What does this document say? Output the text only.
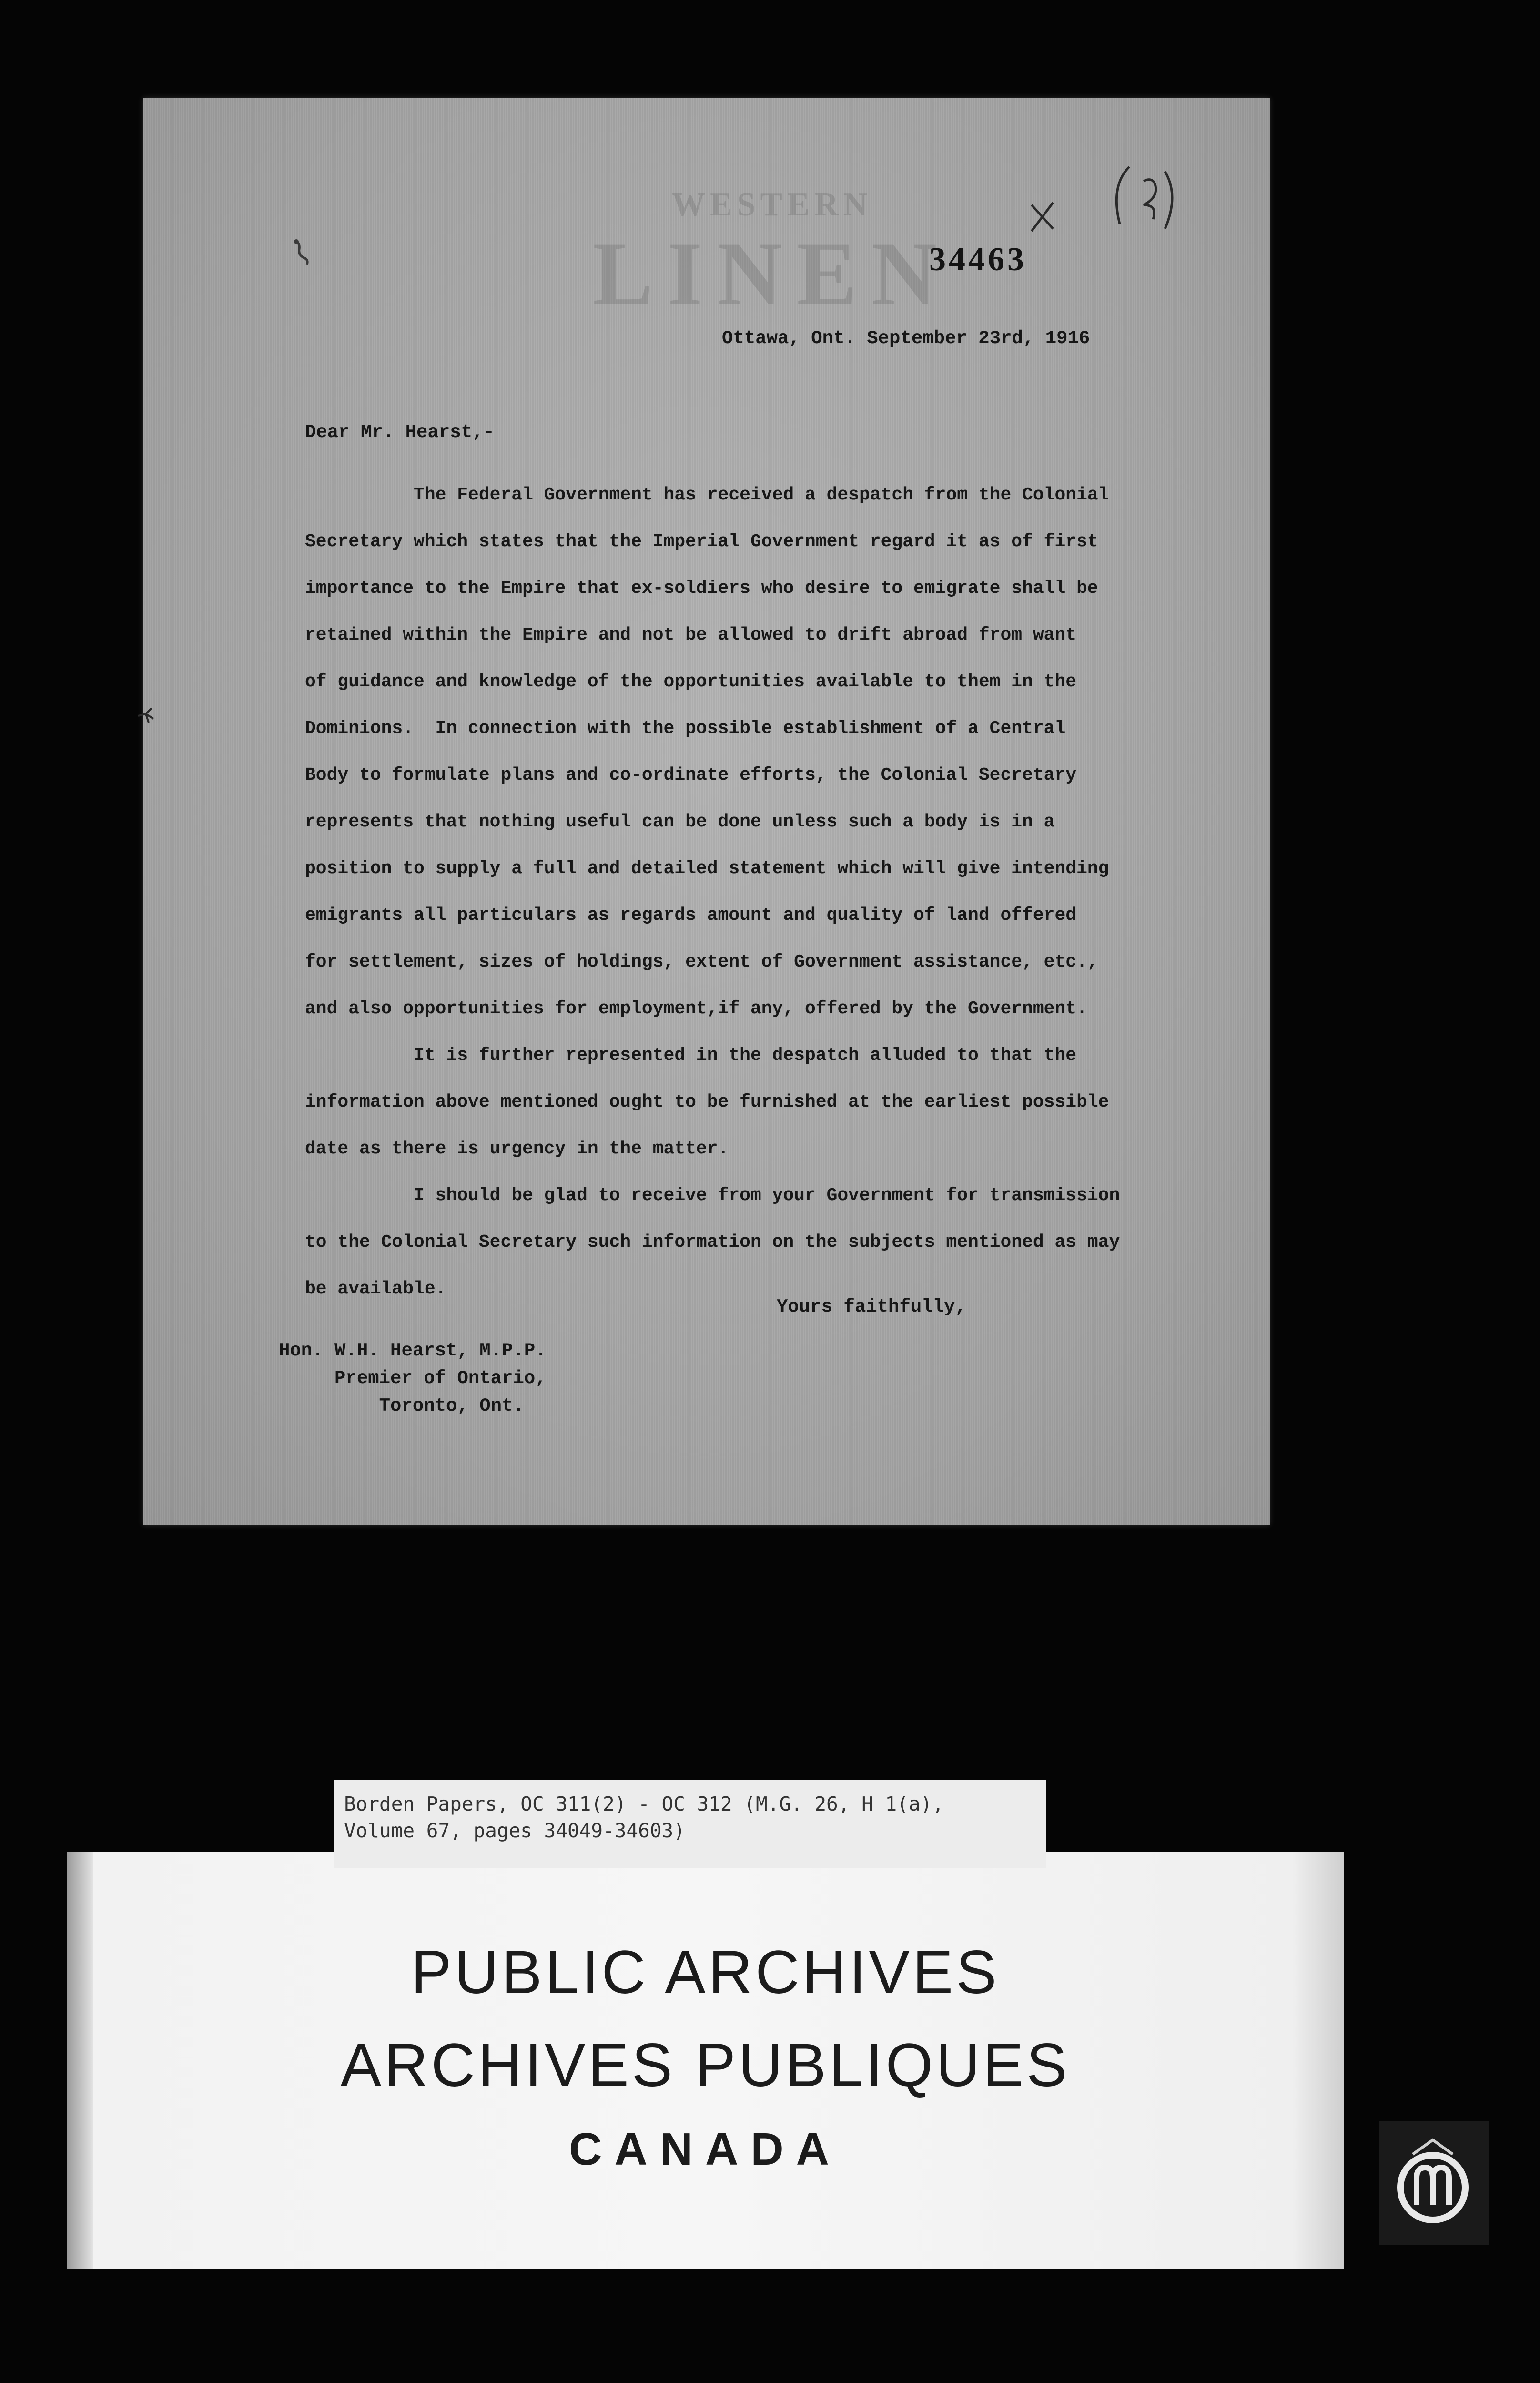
WESTERN
LINEN
34463
Ottawa, Ont. September 23rd, 1916
Dear Mr. Hearst,-
The Federal Government has received a despatch from the Colonial
Secretary which states that the Imperial Government regard it as of first
importance to the Empire that ex-soldiers who desire to emigrate shall be
retained within the Empire and not be allowed to drift abroad from want
of guidance and knowledge of the opportunities available to them in the
Dominions.  In connection with the possible establishment of a Central
Body to formulate plans and co-ordinate efforts, the Colonial Secretary
represents that nothing useful can be done unless such a body is in a
position to supply a full and detailed statement which will give intending
emigrants all particulars as regards amount and quality of land offered
for settlement, sizes of holdings, extent of Government assistance, etc.,
and also opportunities for employment,if any, offered by the Government.
It is further represented in the despatch alluded to that the
information above mentioned ought to be furnished at the earliest possible
date as there is urgency in the matter.
I should be glad to receive from your Government for transmission
to the Colonial Secretary such information on the subjects mentioned as may
be available.
Yours faithfully,
Hon. W.H. Hearst, M.P.P.
Premier of Ontario,
Toronto, Ont.
PUBLIC ARCHIVES
ARCHIVES PUBLIQUES
CANADA
Borden Papers, OC 311(2) - OC 312 (M.G. 26, H 1(a),
Volume 67, pages 34049-34603)
